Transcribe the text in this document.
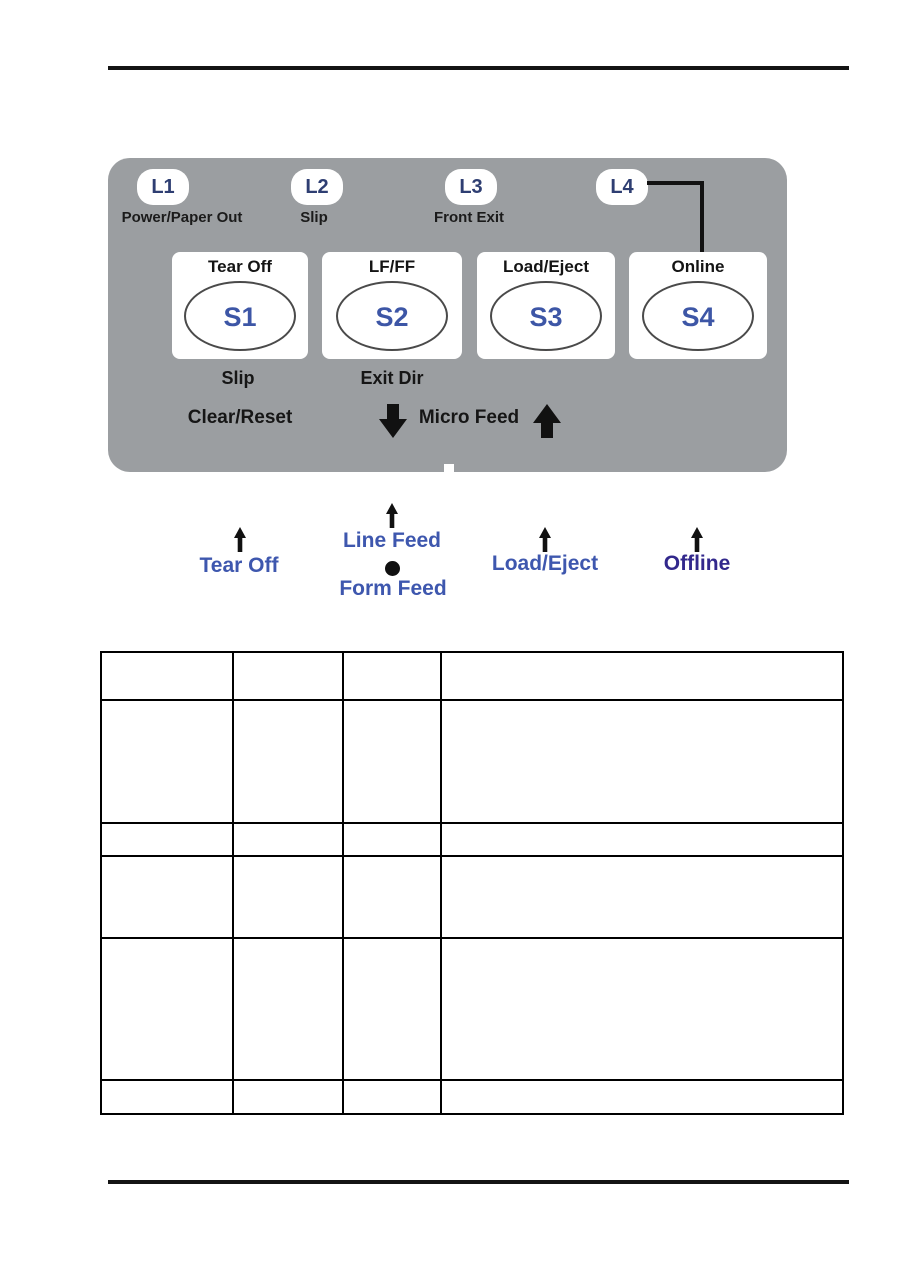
L1	L2	L3	L4
Power/Paper Out	Slip	Front Exit
Tear Off
S1
LF/FF
S2
Load/Eject
S3
Online
S4
Slip	Exit Dir
Clear/Reset	Micro Feed
Tear Off
Line Feed
Form Feed
Load/Eject	Offline
